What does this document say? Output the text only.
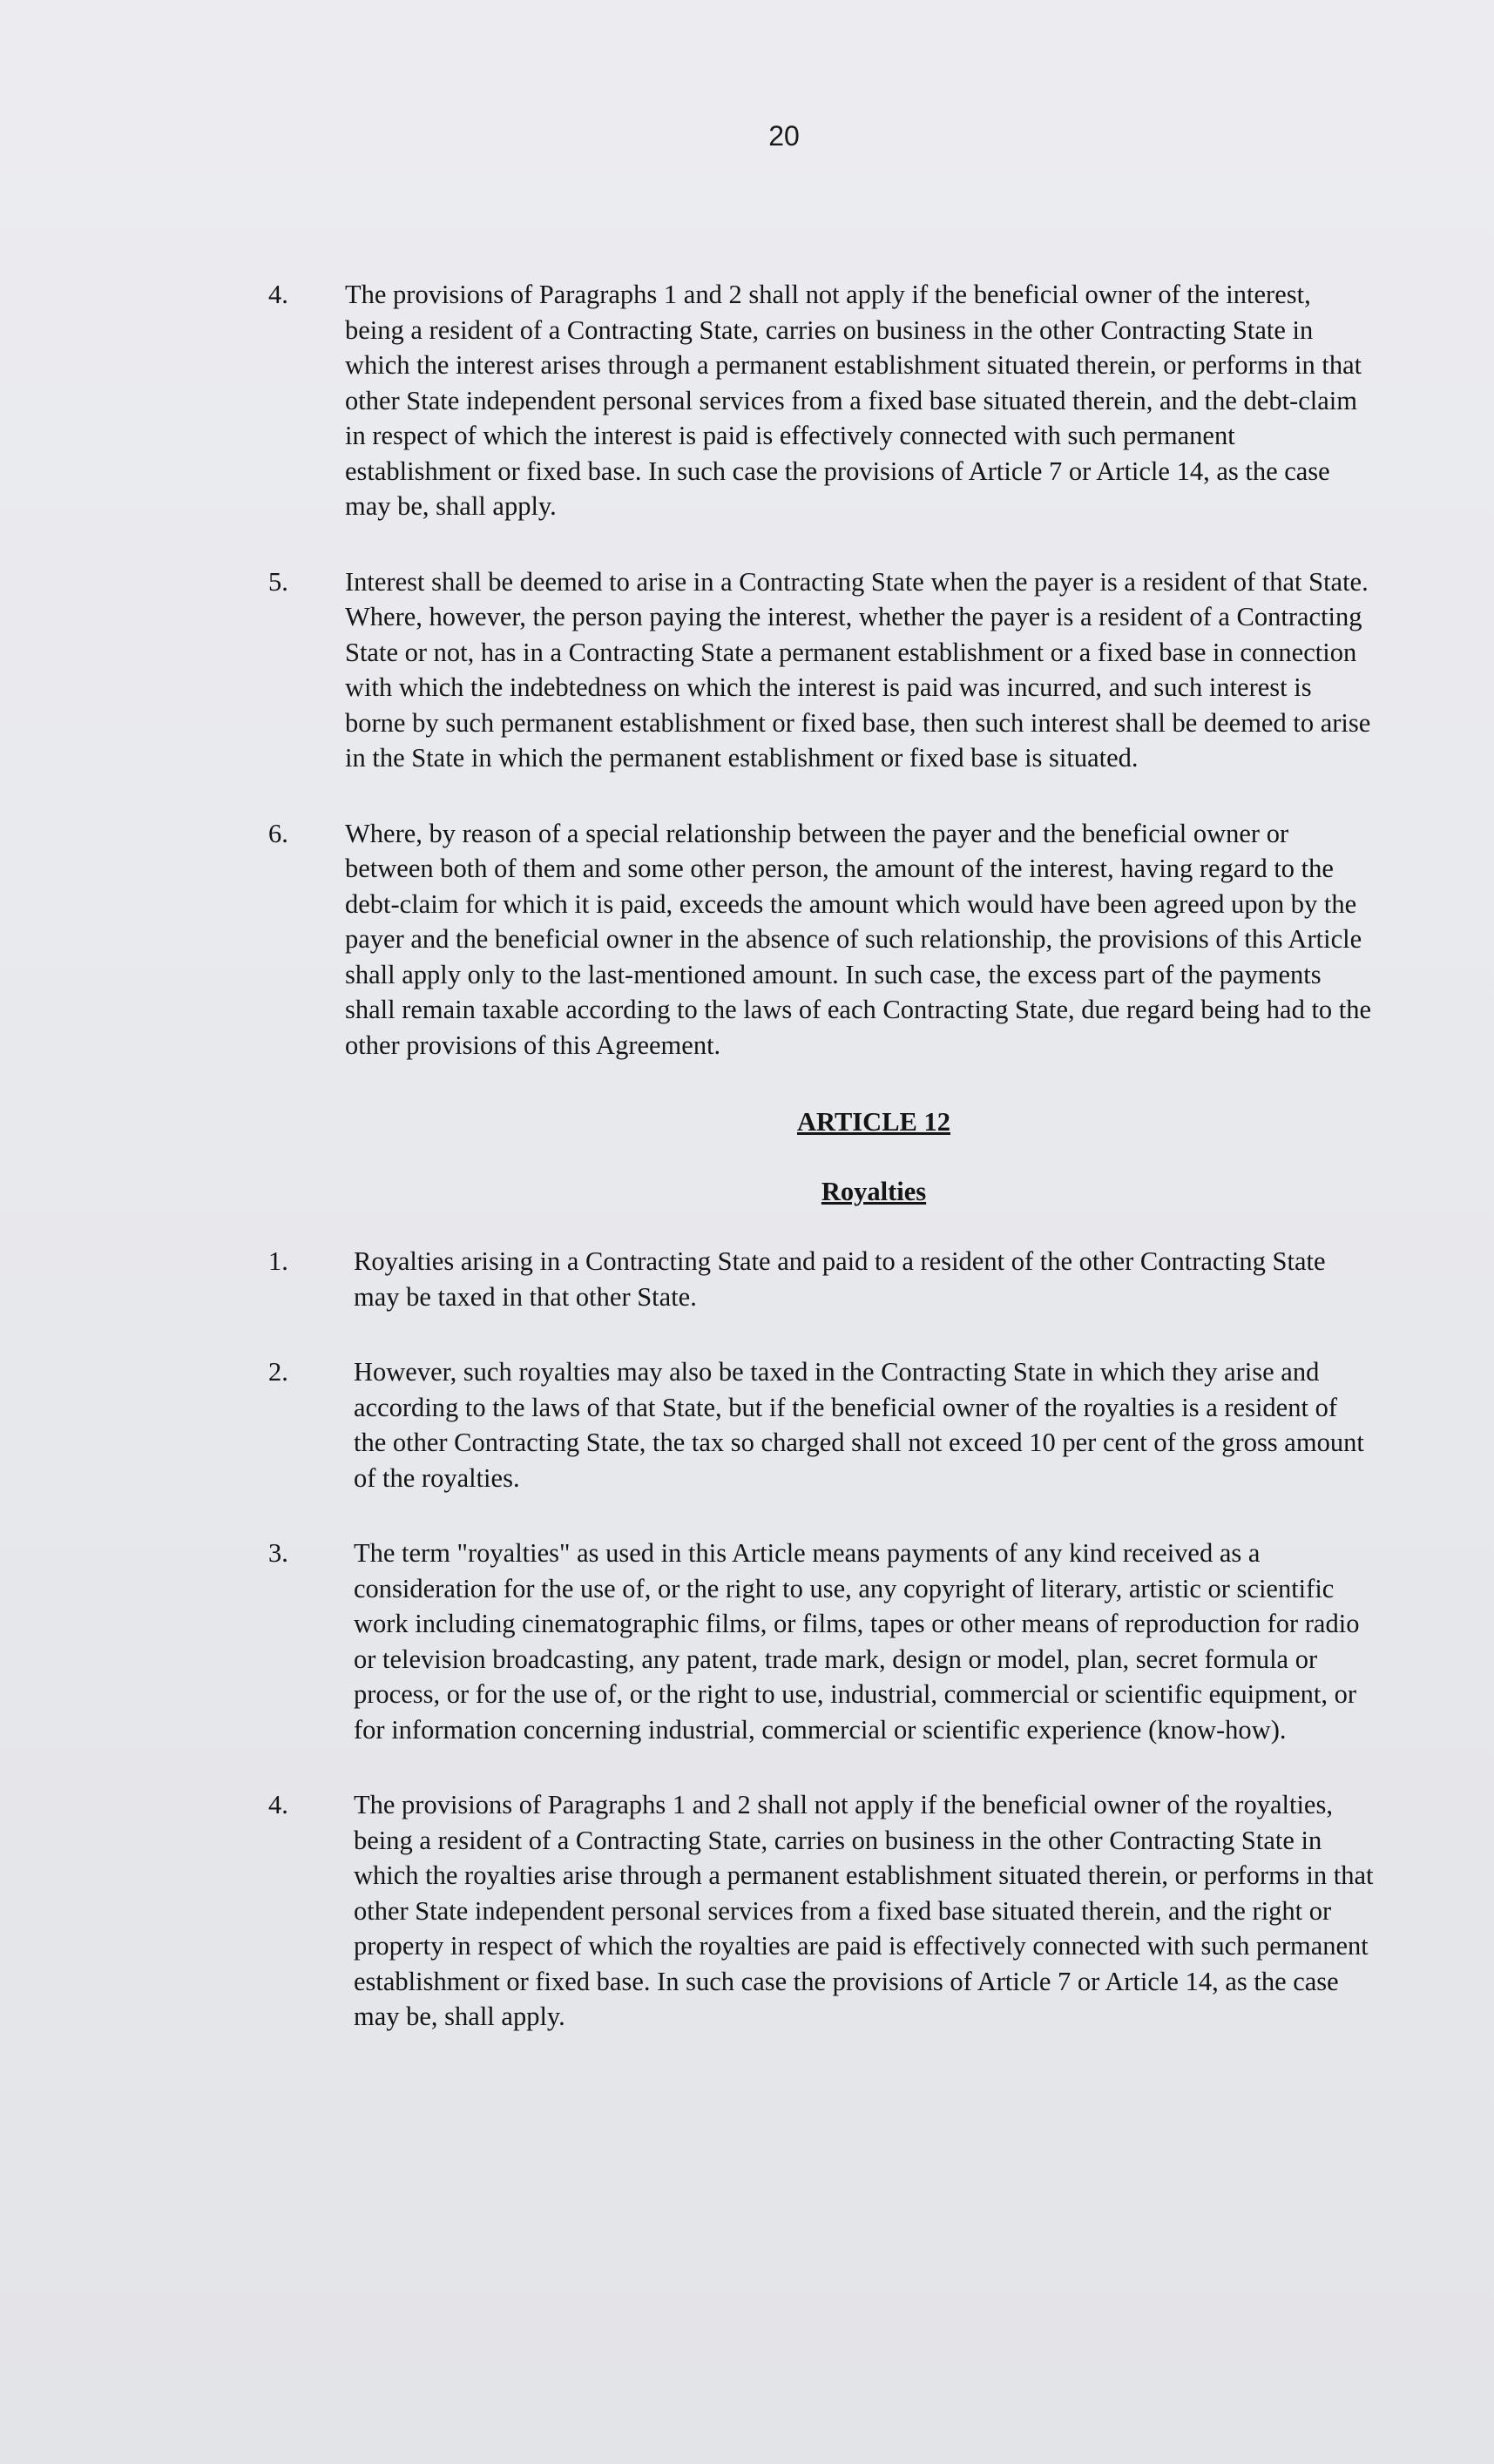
20
4. The provisions of Paragraphs 1 and 2 shall not apply if the beneficial owner of the interest, being a resident of a Contracting State, carries on business in the other Contracting State in which the interest arises through a permanent establishment situated therein, or performs in that other State independent personal services from a fixed base situated therein, and the debt-claim in respect of which the interest is paid is effectively connected with such permanent establishment or fixed base. In such case the provisions of Article 7 or Article 14, as the case may be, shall apply.
5. Interest shall be deemed to arise in a Contracting State when the payer is a resident of that State. Where, however, the person paying the interest, whether the payer is a resident of a Contracting State or not, has in a Contracting State a permanent establishment or a fixed base in connection with which the indebtedness on which the interest is paid was incurred, and such interest is borne by such permanent establishment or fixed base, then such interest shall be deemed to arise in the State in which the permanent establishment or fixed base is situated.
6. Where, by reason of a special relationship between the payer and the beneficial owner or between both of them and some other person, the amount of the interest, having regard to the debt-claim for which it is paid, exceeds the amount which would have been agreed upon by the payer and the beneficial owner in the absence of such relationship, the provisions of this Article shall apply only to the last-mentioned amount. In such case, the excess part of the payments shall remain taxable according to the laws of each Contracting State, due regard being had to the other provisions of this Agreement.
ARTICLE 12
Royalties
1. Royalties arising in a Contracting State and paid to a resident of the other Contracting State may be taxed in that other State.
2. However, such royalties may also be taxed in the Contracting State in which they arise and according to the laws of that State, but if the beneficial owner of the royalties is a resident of the other Contracting State, the tax so charged shall not exceed 10 per cent of the gross amount of the royalties.
3. The term "royalties" as used in this Article means payments of any kind received as a consideration for the use of, or the right to use, any copyright of literary, artistic or scientific work including cinematographic films, or films, tapes or other means of reproduction for radio or television broadcasting, any patent, trade mark, design or model, plan, secret formula or process, or for the use of, or the right to use, industrial, commercial or scientific equipment, or for information concerning industrial, commercial or scientific experience (know-how).
4. The provisions of Paragraphs 1 and 2 shall not apply if the beneficial owner of the royalties, being a resident of a Contracting State, carries on business in the other Contracting State in which the royalties arise through a permanent establishment situated therein, or performs in that other State independent personal services from a fixed base situated therein, and the right or property in respect of which the royalties are paid is effectively connected with such permanent establishment or fixed base. In such case the provisions of Article 7 or Article 14, as the case may be, shall apply.
